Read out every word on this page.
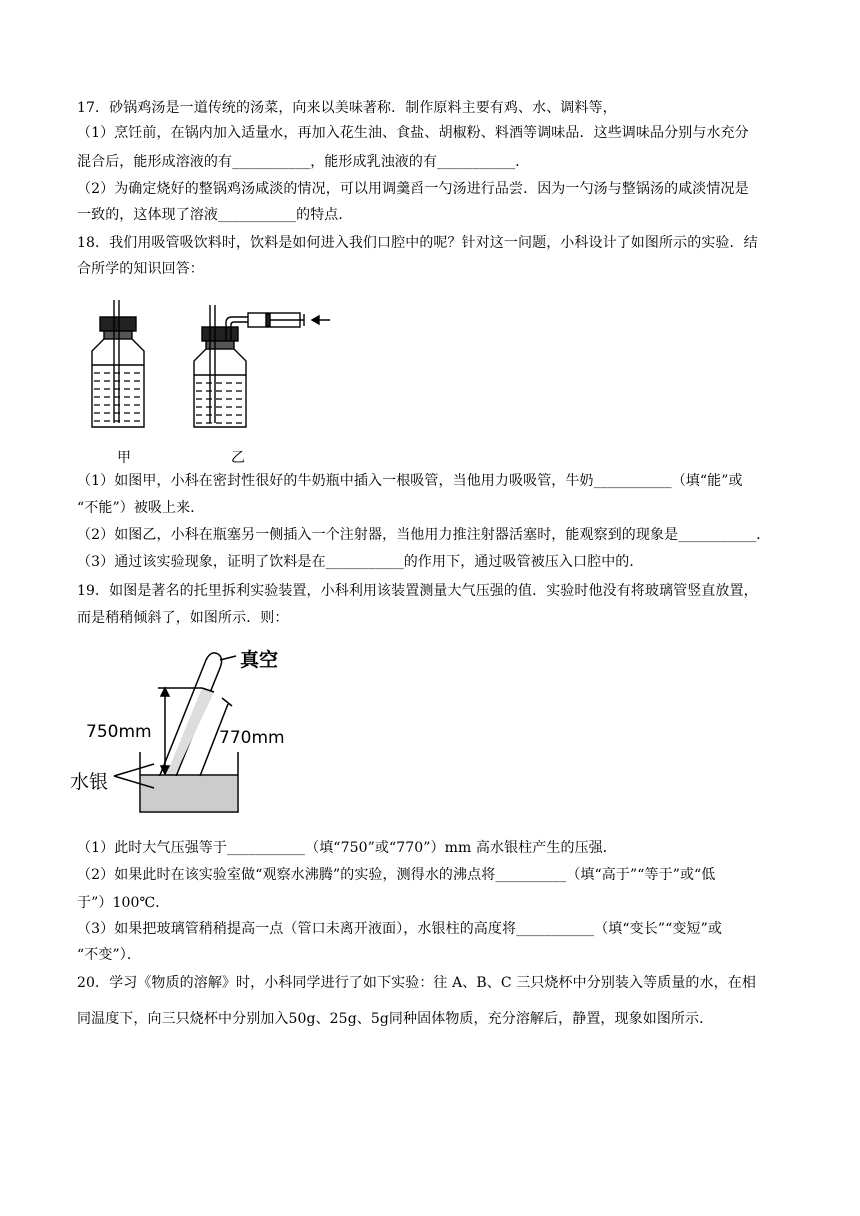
17．砂锅鸡汤是一道传统的汤菜，向来以美味著称．制作原料主要有鸡、水、调料等，
（1）烹饪前，在锅内加入适量水，再加入花生油、食盐、胡椒粉、料酒等调味品．这些调味品分别与水充分
混合后，能形成溶液的有___________，能形成乳浊液的有___________．
（2）为确定烧好的整锅鸡汤咸淡的情况，可以用调羹舀一勺汤进行品尝．因为一勺汤与整锅汤的咸淡情况是
一致的，这体现了溶液___________的特点．
18．我们用吸管吸饮料时，饮料是如何进入我们口腔中的呢？针对这一问题，小科设计了如图所示的实验．结
合所学的知识回答：
甲	乙
（1）如图甲，小科在密封性很好的牛奶瓶中插入一根吸管，当他用力吸吸管，牛奶___________（填“能”或
“不能”）被吸上来．
（2）如图乙，小科在瓶塞另一侧插入一个注射器，当他用力推注射器活塞时，能观察到的现象是___________．
（3）通过该实验现象，证明了饮料是在___________的作用下，通过吸管被压入口腔中的．
19．如图是著名的托里拆利实验装置，小科利用该装置测量大气压强的值．实验时他没有将玻璃管竖直放置，
而是稍稍倾斜了，如图所示．则：
真空
750mm	770mm
水银
（1）此时大气压强等于___________（填“750”或“770”）mm 高水银柱产生的压强．
（2）如果此时在该实验室做“观察水沸腾”的实验，测得水的沸点将__________（填“高于”“等于”或“低
于”）100℃．
（3）如果把玻璃管稍稍提高一点（管口未离开液面），水银柱的高度将___________（填“变长”“变短”或
“不变”）．
20．学习《物质的溶解》时，小科同学进行了如下实验：往 A、B、C 三只烧杯中分别装入等质量的水，在相
同温度下，向三只烧杯中分别加入50g、25g、5g同种固体物质，充分溶解后，静置，现象如图所示．
